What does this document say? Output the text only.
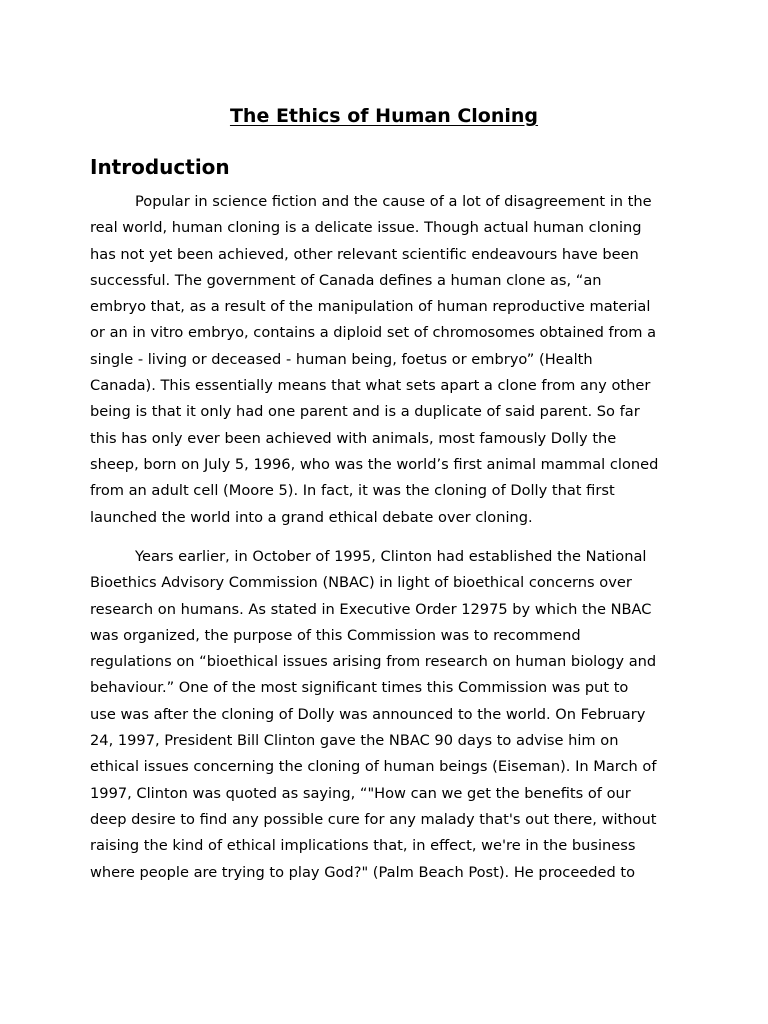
The Ethics of Human Cloning
Introduction
Popular in science fiction and the cause of a lot of disagreement in the
real world, human cloning is a delicate issue. Though actual human cloning
has not yet been achieved, other relevant scientific endeavours have been
successful. The government of Canada defines a human clone as, “an
embryo that, as a result of the manipulation of human reproductive material
or an in vitro embryo, contains a diploid set of chromosomes obtained from a
single - living or deceased - human being, foetus or embryo” (Health
Canada). This essentially means that what sets apart a clone from any other
being is that it only had one parent and is a duplicate of said parent. So far
this has only ever been achieved with animals, most famously Dolly the
sheep, born on July 5, 1996, who was the world’s first animal mammal cloned
from an adult cell (Moore 5). In fact, it was the cloning of Dolly that first
launched the world into a grand ethical debate over cloning.
Years earlier, in October of 1995, Clinton had established the National
Bioethics Advisory Commission (NBAC) in light of bioethical concerns over
research on humans. As stated in Executive Order 12975 by which the NBAC
was organized, the purpose of this Commission was to recommend
regulations on “bioethical issues arising from research on human biology and
behaviour.” One of the most significant times this Commission was put to
use was after the cloning of Dolly was announced to the world. On February
24, 1997, President Bill Clinton gave the NBAC 90 days to advise him on
ethical issues concerning the cloning of human beings (Eiseman). In March of
1997, Clinton was quoted as saying, “"How can we get the benefits of our
deep desire to find any possible cure for any malady that's out there, without
raising the kind of ethical implications that, in effect, we're in the business
where people are trying to play God?" (Palm Beach Post). He proceeded to
